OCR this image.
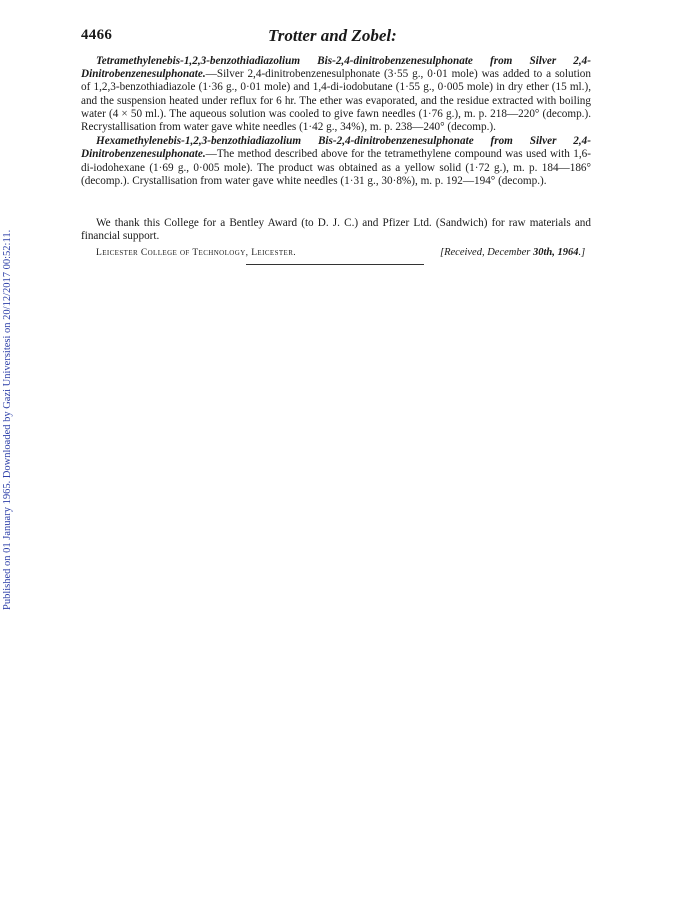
4466	Trotter and Zobel:
Published on 01 January 1965. Downloaded by Gazi Universitesi on 20/12/2017 00:52:11.

Tetramethylenebis-1,2,3-benzothiadiazolium Bis-2,4-dinitrobenzenesulphonate from Silver 2,4-Dinitrobenzenesulphonate.—Silver 2,4-dinitrobenzenesulphonate (3·55 g., 0·01 mole) was added to a solution of 1,2,3-benzothiadiazole (1·36 g., 0·01 mole) and 1,4-di-iodobutane (1·55 g., 0·005 mole) in dry ether (15 ml.), and the suspension heated under reflux for 6 hr. The ether was evaporated, and the residue extracted with boiling water (4 × 50 ml.). The aqueous solution was cooled to give fawn needles (1·76 g.), m. p. 218—220° (decomp.). Recrystallisation from water gave white needles (1·42 g., 34%), m. p. 238—240° (decomp.).

Hexamethylenebis-1,2,3-benzothiadiazolium Bis-2,4-dinitrobenzenesulphonate from Silver 2,4-Dinitrobenzenesulphonate.—The method described above for the tetramethylene compound was used with 1,6-di-iodohexane (1·69 g., 0·005 mole). The product was obtained as a yellow solid (1·72 g.), m. p. 184—186° (decomp.). Crystallisation from water gave white needles (1·31 g., 30·8%), m. p. 192—194° (decomp.).

We thank this College for a Bentley Award (to D. J. C.) and Pfizer Ltd. (Sandwich) for raw materials and financial support.

Leicester College of Technology, Leicester.	[Received, December 30th, 1964.]
